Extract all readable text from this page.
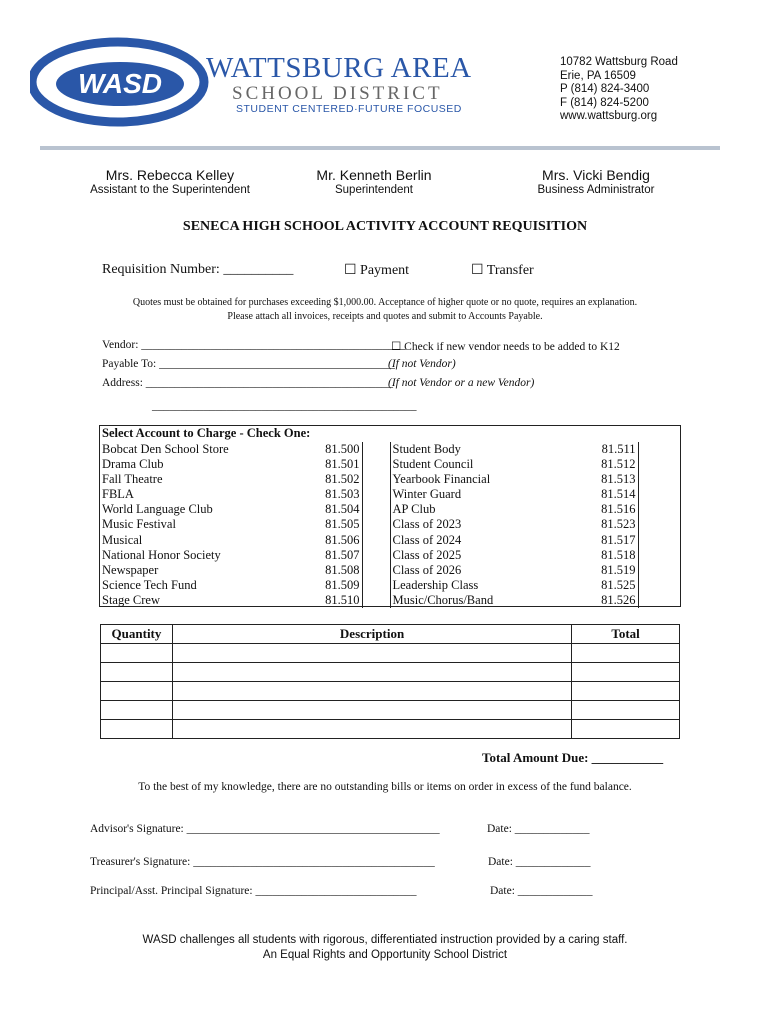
WASD WATTSBURG AREA
SCHOOL DISTRICT
STUDENT CENTERED·FUTURE FOCUSED
10782 Wattsburg Road
Erie, PA 16509
P (814) 824-3400
F (814) 824-5200
www.wattsburg.org
Mrs. Rebecca Kelley
Assistant to the Superintendent
Mr. Kenneth Berlin
Superintendent
Mrs. Vicki Bendig
Business Administrator
SENECA HIGH SCHOOL ACTIVITY ACCOUNT REQUISITION
Requisition Number: __________	☐ Payment	☐ Transfer
Quotes must be obtained for purchases exceeding $1,000.00. Acceptance of higher quote or no quote, requires an explanation.
Please attach all invoices, receipts and quotes and submit to Accounts Payable.
Vendor: ______________________________________________
☐ Check if new vendor needs to be added to K12
Payable To: _________________________________________
(If not Vendor)
Address: ___________________________________________
(If not Vendor or a new Vendor)
______________________________________________
Select Account to Charge - Check One:
Bobcat Den School Store	81.500		Student Body	81.511	
Drama Club	81.501		Student Council	81.512	
Fall Theatre	81.502		Yearbook Financial	81.513	
FBLA	81.503		Winter Guard	81.514	
World Language Club	81.504		AP Club	81.516	
Music Festival	81.505		Class of 2023	81.523	
Musical	81.506		Class of 2024	81.517	
National Honor Society	81.507		Class of 2025	81.518	
Newspaper	81.508		Class of 2026	81.519	
Science Tech Fund	81.509		Leadership Class	81.525	
Stage Crew	81.510		Music/Chorus/Band	81.526	
Quantity	Description	Total

Total Amount Due: ___________
To the best of my knowledge, there are no outstanding bills or items on order in excess of the fund balance.
Advisor's Signature: ____________________________________________	Date: _____________
Treasurer's Signature: __________________________________________	Date: _____________
Principal/Asst. Principal Signature: ____________________________	Date: _____________
WASD challenges all students with rigorous, differentiated instruction provided by a caring staff.
An Equal Rights and Opportunity School District
